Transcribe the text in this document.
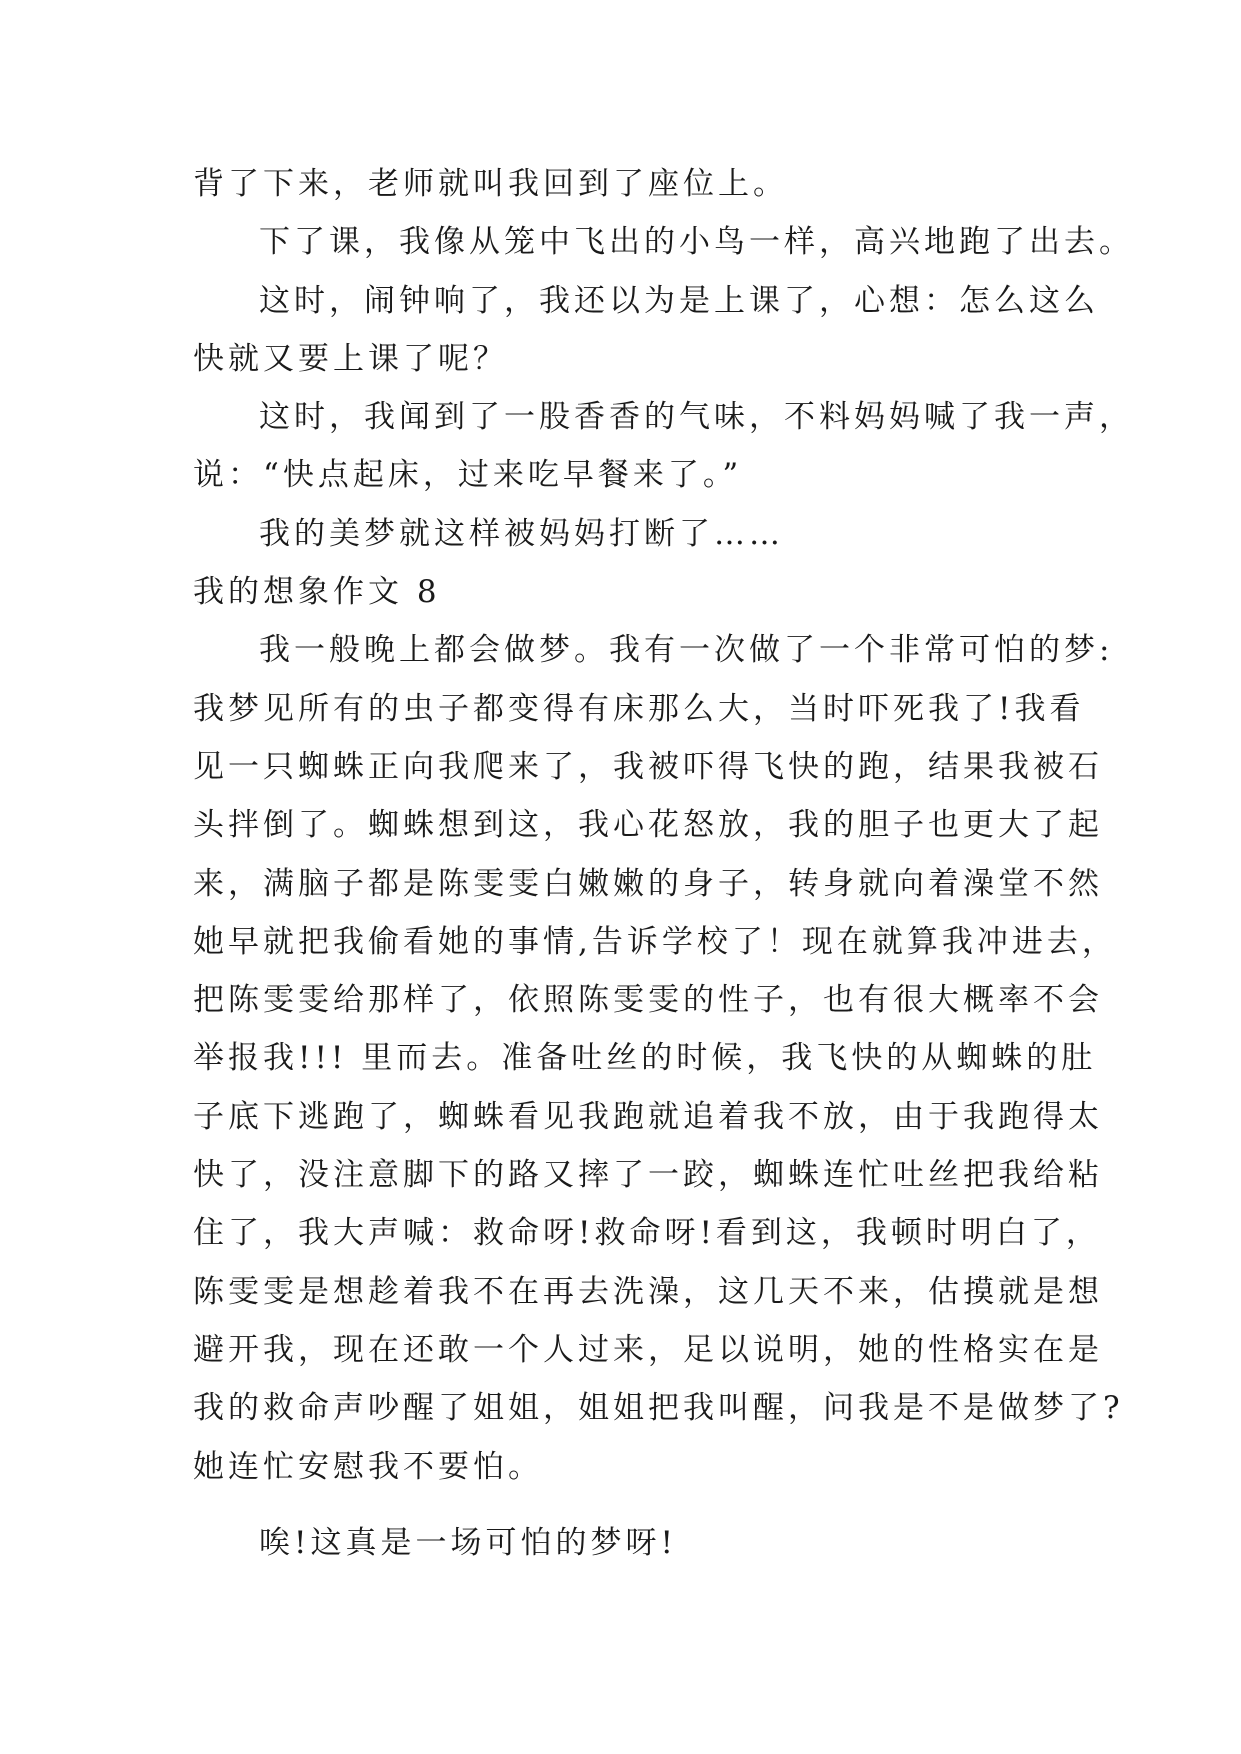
背了下来，老师就叫我回到了座位上。
下了课，我像从笼中飞出的小鸟一样，高兴地跑了出去。
这时，闹钟响了，我还以为是上课了，心想：怎么这么
快就又要上课了呢？
这时，我闻到了一股香香的气味，不料妈妈喊了我一声，
说：“快点起床，过来吃早餐来了。”
我的美梦就这样被妈妈打断了……
我的想象作文 8
我一般晚上都会做梦。我有一次做了一个非常可怕的梦:
我梦见所有的虫子都变得有床那么大，当时吓死我了!我看
见一只蜘蛛正向我爬来了，我被吓得飞快的跑，结果我被石
头拌倒了。蜘蛛想到这，我心花怒放，我的胆子也更大了起
来，满脑子都是陈雯雯白嫩嫩的身子，转身就向着澡堂不然
她早就把我偷看她的事情,告诉学校了！现在就算我冲进去，
把陈雯雯给那样了，依照陈雯雯的性子，也有很大概率不会
举报我!!! 里而去。准备吐丝的时候，我飞快的从蜘蛛的肚
子底下逃跑了，蜘蛛看见我跑就追着我不放，由于我跑得太
快了，没注意脚下的路又摔了一跤，蜘蛛连忙吐丝把我给粘
住了，我大声喊：救命呀!救命呀!看到这，我顿时明白了，
陈雯雯是想趁着我不在再去洗澡，这几天不来，估摸就是想
避开我，现在还敢一个人过来，足以说明，她的性格实在是
我的救命声吵醒了姐姐，姐姐把我叫醒，问我是不是做梦了?
她连忙安慰我不要怕。
唉!这真是一场可怕的梦呀!
